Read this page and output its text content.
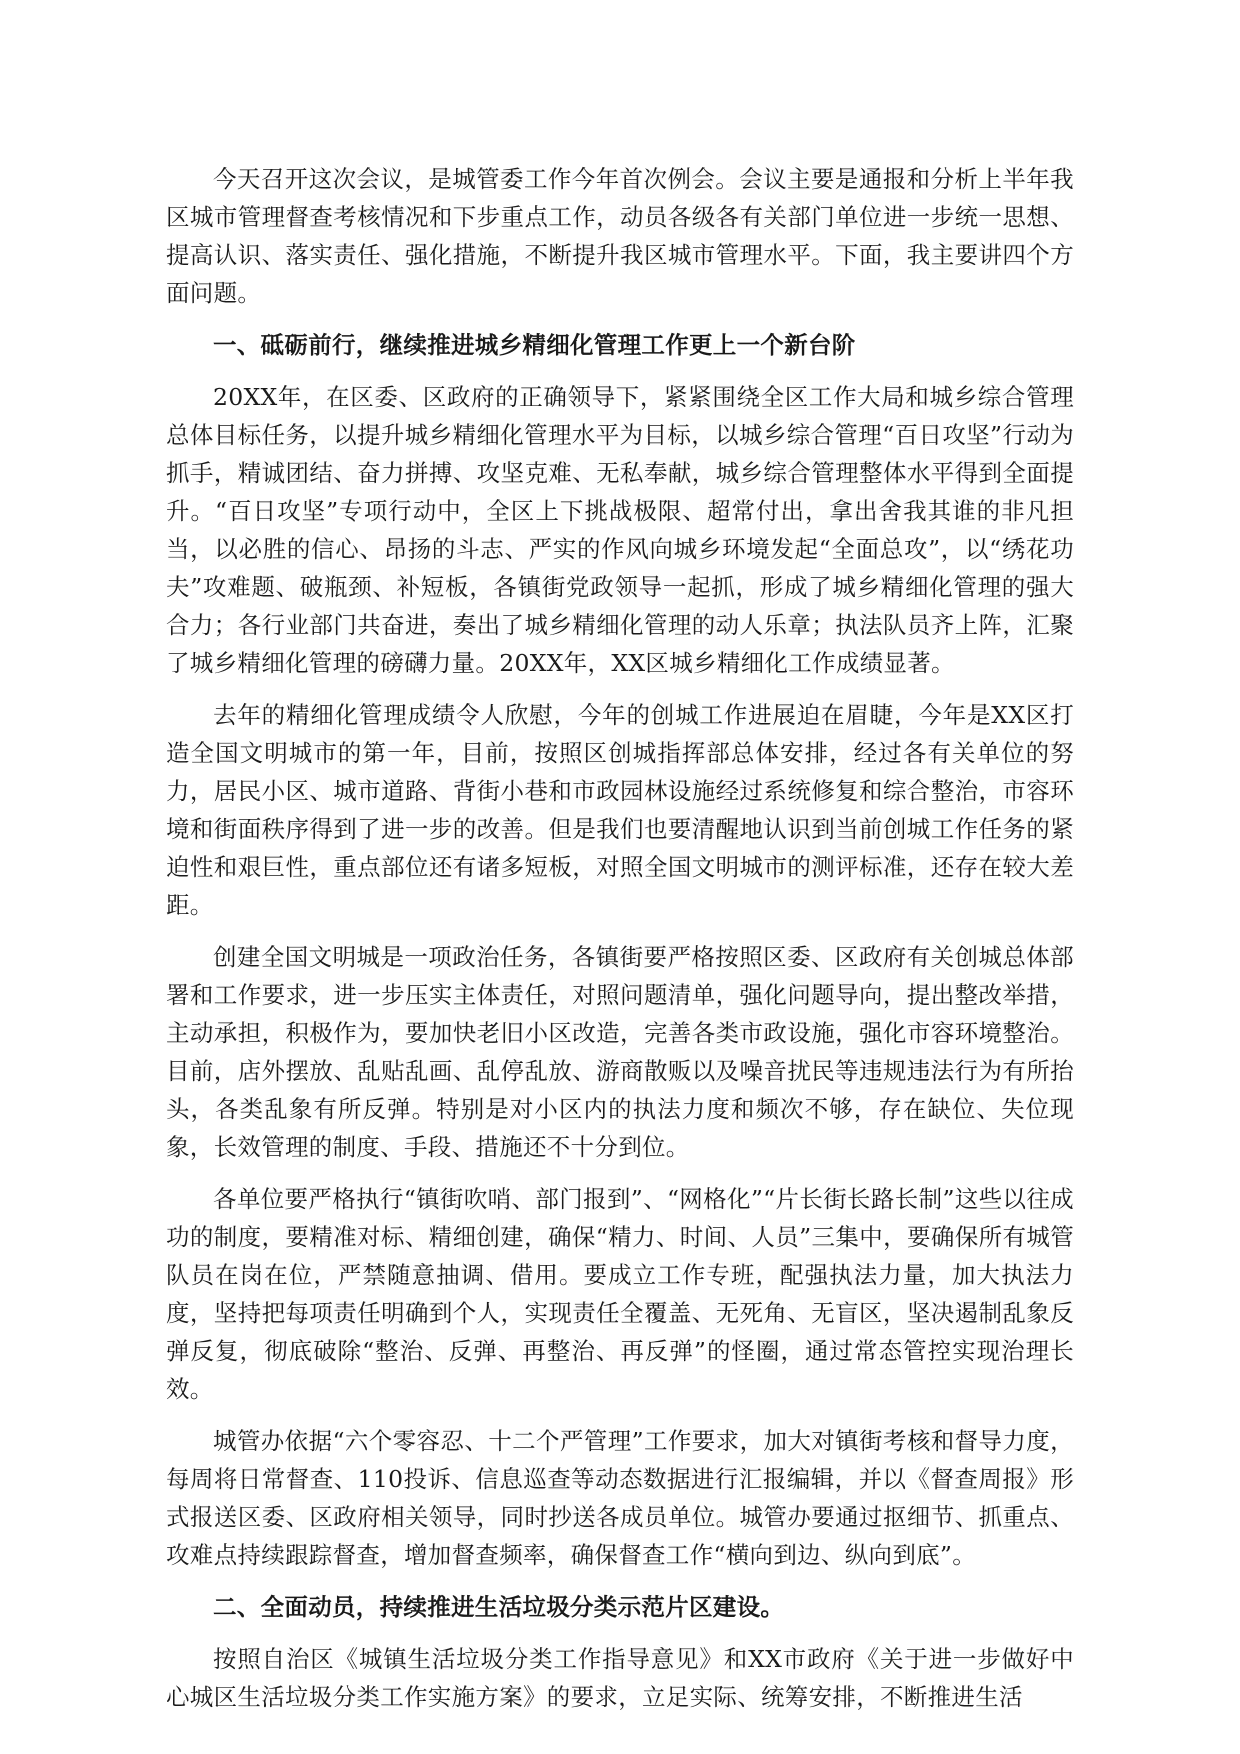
今天召开这次会议，是城管委工作今年首次例会。会议主要是通报和分析上半年我区城市管理督查考核情况和下步重点工作，动员各级各有关部门单位进一步统一思想、提高认识、落实责任、强化措施，不断提升我区城市管理水平。下面，我主要讲四个方面问题。

一、砥砺前行，继续推进城乡精细化管理工作更上一个新台阶

20XX年，在区委、区政府的正确领导下，紧紧围绕全区工作大局和城乡综合管理总体目标任务，以提升城乡精细化管理水平为目标，以城乡综合管理“百日攻坚”行动为抓手，精诚团结、奋力拼搏、攻坚克难、无私奉献，城乡综合管理整体水平得到全面提升。“百日攻坚”专项行动中，全区上下挑战极限、超常付出，拿出舍我其谁的非凡担当，以必胜的信心、昂扬的斗志、严实的作风向城乡环境发起“全面总攻”，以“绣花功夫”攻难题、破瓶颈、补短板，各镇街党政领导一起抓，形成了城乡精细化管理的强大合力；各行业部门共奋进，奏出了城乡精细化管理的动人乐章；执法队员齐上阵，汇聚了城乡精细化管理的磅礴力量。20XX年，XX区城乡精细化工作成绩显著。

去年的精细化管理成绩令人欣慰，今年的创城工作进展迫在眉睫，今年是XX区打造全国文明城市的第一年，目前，按照区创城指挥部总体安排，经过各有关单位的努力，居民小区、城市道路、背街小巷和市政园林设施经过系统修复和综合整治，市容环境和街面秩序得到了进一步的改善。但是我们也要清醒地认识到当前创城工作任务的紧迫性和艰巨性，重点部位还有诸多短板，对照全国文明城市的测评标准，还存在较大差距。

创建全国文明城是一项政治任务，各镇街要严格按照区委、区政府有关创城总体部署和工作要求，进一步压实主体责任，对照问题清单，强化问题导向，提出整改举措，主动承担，积极作为，要加快老旧小区改造，完善各类市政设施，强化市容环境整治。目前，店外摆放、乱贴乱画、乱停乱放、游商散贩以及噪音扰民等违规违法行为有所抬头，各类乱象有所反弹。特别是对小区内的执法力度和频次不够，存在缺位、失位现象，长效管理的制度、手段、措施还不十分到位。

各单位要严格执行“镇街吹哨、部门报到”、“网格化”“片长街长路长制”这些以往成功的制度，要精准对标、精细创建，确保“精力、时间、人员”三集中，要确保所有城管队员在岗在位，严禁随意抽调、借用。要成立工作专班，配强执法力量，加大执法力度，坚持把每项责任明确到个人，实现责任全覆盖、无死角、无盲区，坚决遏制乱象反弹反复，彻底破除“整治、反弹、再整治、再反弹”的怪圈，通过常态管控实现治理长效。

城管办依据“六个零容忍、十二个严管理”工作要求，加大对镇街考核和督导力度，每周将日常督查、110投诉、信息巡查等动态数据进行汇报编辑，并以《督查周报》形式报送区委、区政府相关领导，同时抄送各成员单位。城管办要通过抠细节、抓重点、攻难点持续跟踪督查，增加督查频率，确保督查工作“横向到边、纵向到底”。

二、全面动员，持续推进生活垃圾分类示范片区建设。

按照自治区《城镇生活垃圾分类工作指导意见》和XX市政府《关于进一步做好中心城区生活垃圾分类工作实施方案》的要求，立足实际、统筹安排，不断推进生活
